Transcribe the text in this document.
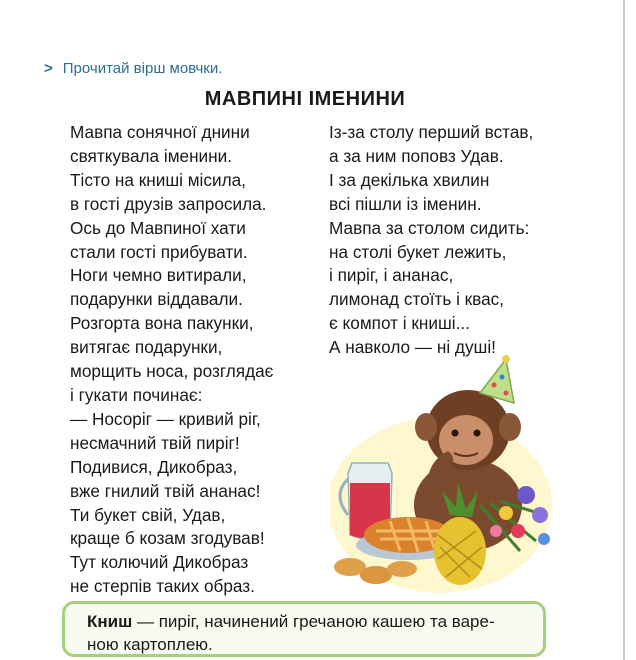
> Прочитай вірш мовчки.
МАВПИНІ ІМЕНИНИ
Мавпа сонячної днини
святкувала іменини.
Тісто на книші місила,
в гості друзів запросила.
Ось до Мавпиної хати
стали гості прибувати.
Ноги чемно витирали,
подарунки віддавали.
Розгорта вона пакунки,
витягає подарунки,
морщить носа, розглядає
і гукати починає:
— Носоріг — кривий ріг,
несмачний твій пиріг!
Подивися, Дикобраз,
вже гнилий твій ананас!
Ти букет свій, Удав,
краще б козам згодував!
Тут колючий Дикобраз
не стерпів таких образ.
Із-за столу перший встав,
а за ним поповз Удав.
І за декілька хвилин
всі пішли із іменин.
Мавпа за столом сидить:
на столі букет лежить,
і пиріг, і ананас,
лимонад стоїть і квас,
є компот і книші...
А навколо — ні душі!
Книш — пиріг, начинений гречаною кашею та варе-
ною картоплею.
